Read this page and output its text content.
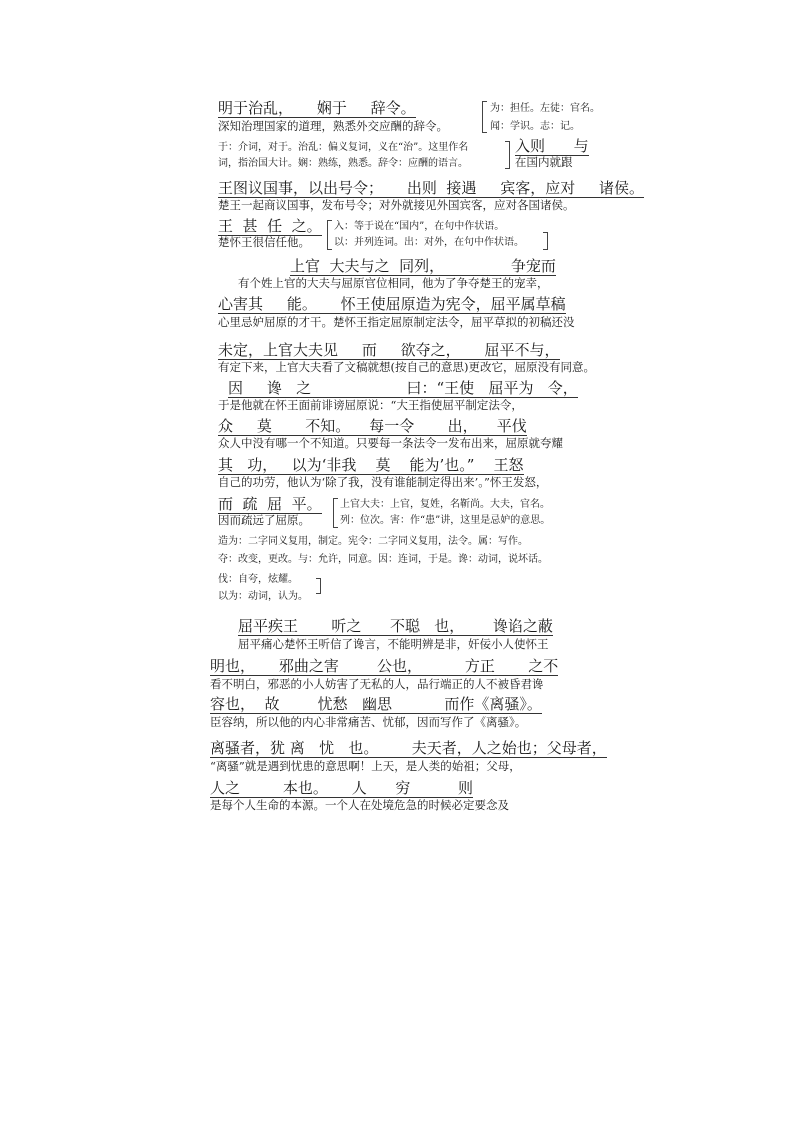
明于治乱，     娴于     辞令。	为：担任。左徒：官名。
深知治理国家的道理，熟悉外交应酬的辞令。	闻：学识。志：记。
于：介词，对于。治乱：偏义复词，义在“治”。这里作名	入则      与
词，指治国大计。娴：熟练，熟悉。辞令：应酬的语言。	在国内就跟
王图议国事，以出号令；     出则  接遇     宾客，应对     诸侯。
楚王一起商议国事，发布号令；对外就接见外国宾客，应对各国诸侯。
王  甚  任  之。 入：等于说在“国内”，在句中作状语。
楚怀王很信任他。 以：并列连词。出：对外，在句中作状语。
上官  大夫与之  同列，              争宠而
有个姓上官的大夫与屈原官位相同，他为了争夺楚王的宠幸，
心害其     能。     怀王使屈原造为宪令，屈平属草稿
心里忌妒屈原的才干。楚怀王指定屈原制定法令，屈平草拟的初稿还没
未定，上官大夫见     而     欲夺之，     屈平不与，
有定下来，上官大夫看了文稿就想(按自己的意思)更改它，屈原没有同意。
因     谗   之                    曰：“王使   屈平为   令，
于是他就在怀王面前诽谤屈原说：“大王指使屈平制定法令，
众     莫       不知。    每一令       出，    平伐
众人中没有哪一个不知道。只要每一条法令一发布出来，屈原就夸耀
其   功，   以为‘非我    莫    能为’也。”    王怒
自己的功劳，他认为‘除了我，没有谁能制定得出来’。”怀王发怒，
而  疏  屈  平。 上官大夫：上官，复姓，名靳尚。大夫，官名。
因而疏远了屈原。	列：位次。害：作“患”讲，这里是忌妒的意思。
造为：二字同义复用，制定。宪令：二字同义复用，法令。属：写作。
夺：改变，更改。与：允许，同意。因：连词，于是。谗：动词，说坏话。
伐：自夸，炫耀。
以为：动词，认为。
屈平疾王       听之      不聪   也，      谗谄之蔽
屈平痛心楚怀王听信了谗言，不能明辨是非，奸佞小人使怀王
明也，     邪曲之害        公也，         方正       之不
看不明白，邪恶的小人妨害了无私的人，品行端正的人不被昏君谗
容也，  故        忧愁   幽思           而作《离骚》。
臣容纳，所以他的内心非常痛苦、忧郁，因而写作了《离骚》。
离骚者，犹 离   忧   也。       夫天者，人之始也；父母者，
“离骚”就是遇到忧患的意思啊！上天，是人类的始祖；父母，
人之         本也。     人      穷          则
是每个人生命的本源。一个人在处境危急的时候必定要念及
